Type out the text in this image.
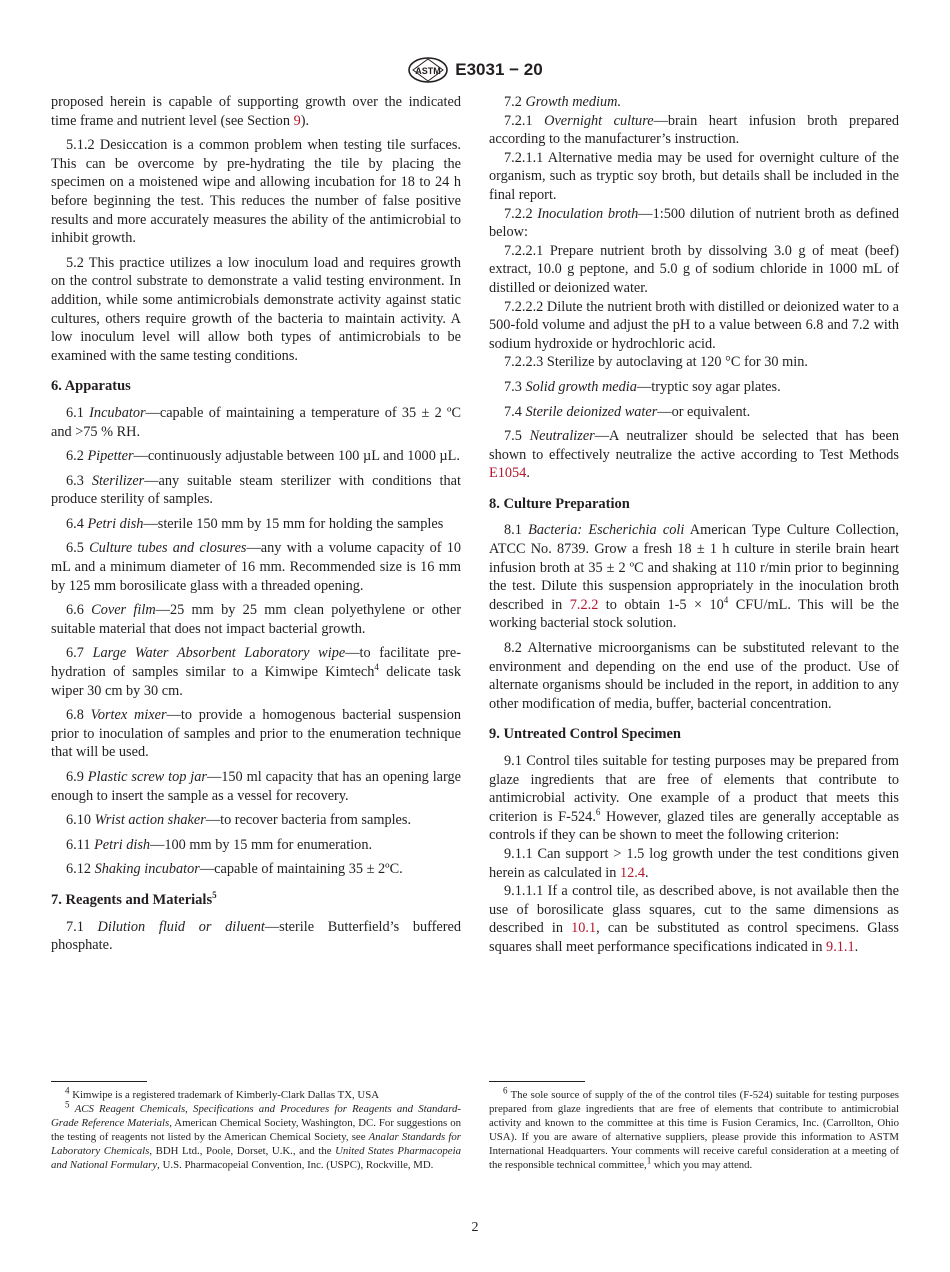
ASTM E3031 − 20

proposed herein is capable of supporting growth over the indicated time frame and nutrient level (see Section 9).

5.1.2 Desiccation is a common problem when testing tile surfaces. This can be overcome by pre-hydrating the tile by placing the specimen on a moistened wipe and allowing incubation for 18 to 24 h before beginning the test. This reduces the number of false positive results and more accurately measures the ability of the antimicrobial to inhibit growth.

5.2 This practice utilizes a low inoculum load and requires growth on the control substrate to demonstrate a valid testing environment. In addition, while some antimicrobials demonstrate activity against static cultures, others require growth of the bacteria to maintain activity. A low inoculum level will allow both types of antimicrobials to be examined with the same testing conditions.

6. Apparatus

6.1 Incubator—capable of maintaining a temperature of 35 ± 2 ºC and >75 % RH.

6.2 Pipetter—continuously adjustable between 100 µL and 1000 µL.

6.3 Sterilizer—any suitable steam sterilizer with conditions that produce sterility of samples.

6.4 Petri dish—sterile 150 mm by 15 mm for holding the samples

6.5 Culture tubes and closures—any with a volume capacity of 10 mL and a minimum diameter of 16 mm. Recommended size is 16 mm by 125 mm borosilicate glass with a threaded opening.

6.6 Cover film—25 mm by 25 mm clean polyethylene or other suitable material that does not impact bacterial growth.

6.7 Large Water Absorbent Laboratory wipe—to facilitate pre-hydration of samples similar to a Kimwipe Kimtech$^4$ delicate task wiper 30 cm by 30 cm.

6.8 Vortex mixer—to provide a homogenous bacterial suspension prior to inoculation of samples and prior to the enumeration technique that will be used.

6.9 Plastic screw top jar—150 ml capacity that has an opening large enough to insert the sample as a vessel for recovery.

6.10 Wrist action shaker—to recover bacteria from samples.

6.11 Petri dish—100 mm by 15 mm for enumeration.

6.12 Shaking incubator—capable of maintaining 35 ± 2ºC.

7. Reagents and Materials$^5$

7.1 Dilution fluid or diluent—sterile Butterfield’s buffered phosphate.

7.2 Growth medium.

7.2.1 Overnight culture—brain heart infusion broth prepared according to the manufacturer’s instruction.

7.2.1.1 Alternative media may be used for overnight culture of the organism, such as tryptic soy broth, but details shall be included in the final report.

7.2.2 Inoculation broth—1:500 dilution of nutrient broth as defined below:

7.2.2.1 Prepare nutrient broth by dissolving 3.0 g of meat (beef) extract, 10.0 g peptone, and 5.0 g of sodium chloride in 1000 mL of distilled or deionized water.

7.2.2.2 Dilute the nutrient broth with distilled or deionized water to a 500-fold volume and adjust the pH to a value between 6.8 and 7.2 with sodium hydroxide or hydrochloric acid.

7.2.2.3 Sterilize by autoclaving at 120 °C for 30 min.

7.3 Solid growth media—tryptic soy agar plates.

7.4 Sterile deionized water—or equivalent.

7.5 Neutralizer—A neutralizer should be selected that has been shown to effectively neutralize the active according to Test Methods E1054.

8. Culture Preparation

8.1 Bacteria: Escherichia coli American Type Culture Collection, ATCC No. 8739. Grow a fresh 18 ± 1 h culture in sterile brain heart infusion broth at 35 ± 2 ºC and shaking at 110 r/min prior to beginning the test. Dilute this suspension appropriately in the inoculation broth described in 7.2.2 to obtain $1-5 \times 10^4$ CFU/mL. This will be the working bacterial stock solution.

8.2 Alternative microorganisms can be substituted relevant to the environment and depending on the end use of the product. Use of alternate organisms should be included in the report, in addition to any other modification of media, buffer, bacterial concentration.

9. Untreated Control Specimen

9.1 Control tiles suitable for testing purposes may be prepared from glaze ingredients that are free of elements that contribute to antimicrobial activity. One example of a product that meets this criterion is F-524.$^6$ However, glazed tiles are generally acceptable as controls if they can be shown to meet the following criterion:

9.1.1 Can support > 1.5 log growth under the test conditions given herein as calculated in 12.4.

9.1.1.1 If a control tile, as described above, is not available then the use of borosilicate glass squares, cut to the same dimensions as described in 10.1, can be substituted as control specimens. Glass squares shall meet performance specifications indicated in 9.1.1.

$^4$ Kimwipe is a registered trademark of Kimberly-Clark Dallas TX, USA

$^5$ ACS Reagent Chemicals, Specifications and Procedures for Reagents and Standard-Grade Reference Materials, American Chemical Society, Washington, DC. For suggestions on the testing of reagents not listed by the American Chemical Society, see Analar Standards for Laboratory Chemicals, BDH Ltd., Poole, Dorset, U.K., and the United States Pharmacopeia and National Formulary, U.S. Pharmacopeial Convention, Inc. (USPC), Rockville, MD.

$^6$ The sole source of supply of the of the control tiles (F-524) suitable for testing purposes prepared from glaze ingredients that are free of elements that contribute to antimicrobial activity and known to the committee at this time is Fusion Ceramics, Inc. (Carrollton, Ohio USA). If you are aware of alternative suppliers, please provide this information to ASTM International Headquarters. Your comments will receive careful consideration at a meeting of the responsible technical committee,$^1$ which you may attend.

2
